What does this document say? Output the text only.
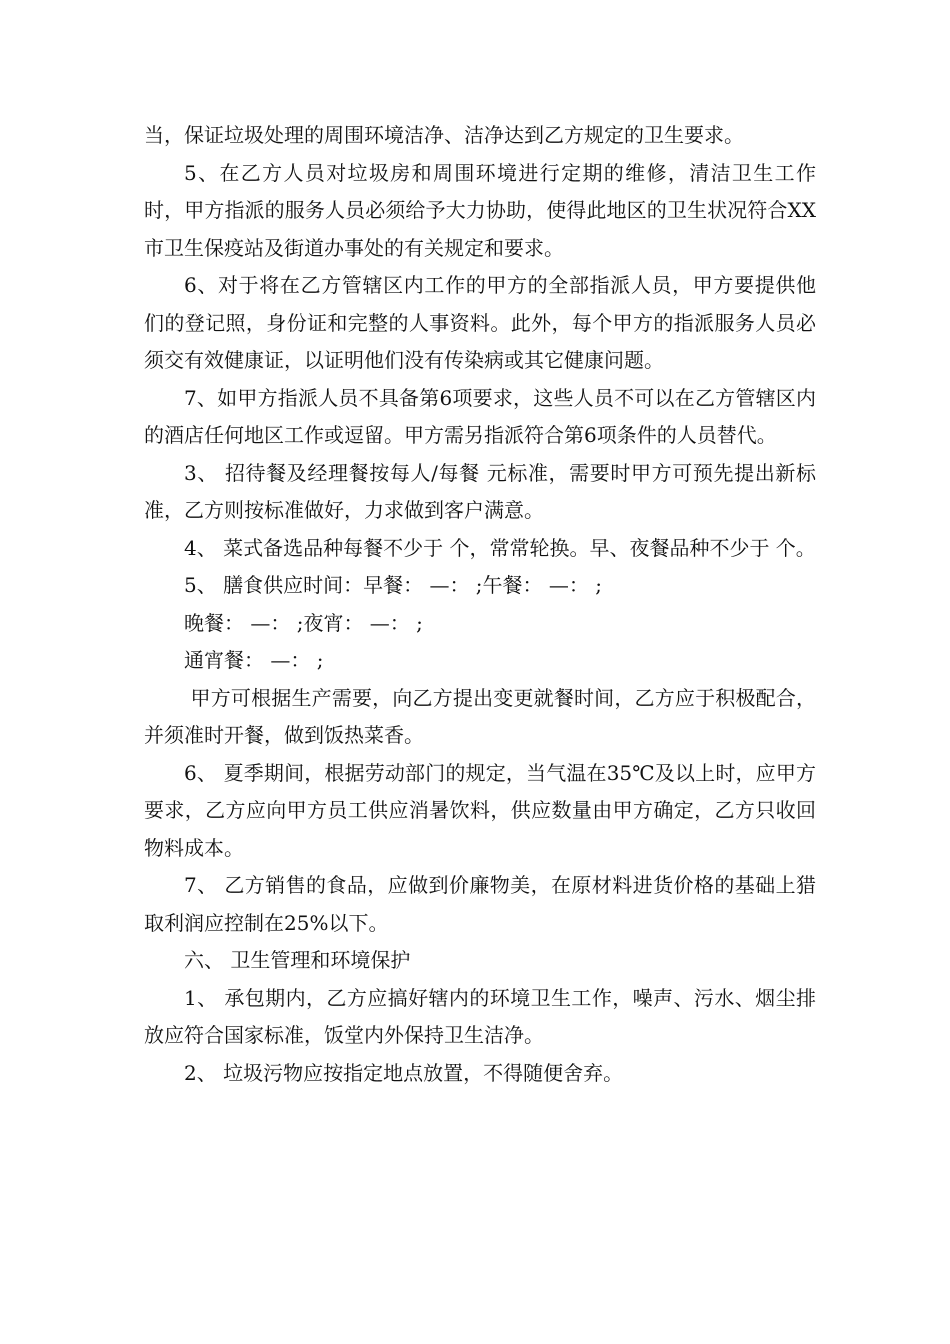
当，保证垃圾处理的周围环境洁净、洁净达到乙方规定的卫生要求。

5、在乙方人员对垃圾房和周围环境进行定期的维修，清洁卫生工作时，甲方指派的服务人员必须给予大力协助，使得此地区的卫生状况符合XX市卫生保疫站及街道办事处的有关规定和要求。

6、对于将在乙方管辖区内工作的甲方的全部指派人员，甲方要提供他们的登记照，身份证和完整的人事资料。此外，每个甲方的指派服务人员必须交有效健康证，以证明他们没有传染病或其它健康问题。

7、如甲方指派人员不具备第6项要求，这些人员不可以在乙方管辖区内的酒店任何地区工作或逗留。甲方需另指派符合第6项条件的人员替代。

3、 招待餐及经理餐按每人/每餐 元标准，需要时甲方可预先提出新标准，乙方则按标准做好，力求做到客户满意。

4、 菜式备选品种每餐不少于 个，常常轮换。早、夜餐品种不少于 个。

5、 膳食供应时间：早餐： —： ;午餐： —： ;

晚餐： —： ;夜宵： —： ;

通宵餐： —： ;

甲方可根据生产需要，向乙方提出变更就餐时间，乙方应于积极配合，并须准时开餐，做到饭热菜香。

6、 夏季期间，根据劳动部门的规定，当气温在35℃及以上时，应甲方要求，乙方应向甲方员工供应消暑饮料，供应数量由甲方确定，乙方只收回物料成本。

7、 乙方销售的食品，应做到价廉物美，在原材料进货价格的基础上猎取利润应控制在25%以下。

六、 卫生管理和环境保护

1、 承包期内，乙方应搞好辖内的环境卫生工作，噪声、污水、烟尘排放应符合国家标准，饭堂内外保持卫生洁净。

2、 垃圾污物应按指定地点放置，不得随便舍弃。
